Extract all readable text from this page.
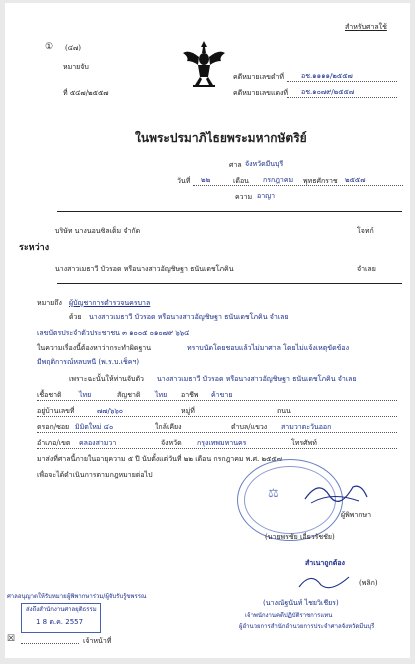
สำหรับศาลใช้
① (๔๗)
หมายจับ
ที่ ๕๔๗/๒๕๕๗
คดีหมายเลขดำที่ อช.๑๑๑๑/๒๕๕๗
คดีหมายเลขแดงที่ อช.๑๐๗๙/๒๕๕๗
ในพระปรมาภิไธยพระมหากษัตริย์
ศาล จังหวัดมีนบุรี
วันที่ ๒๒	เดือน กรกฎาคม พุทธศักราช ๒๕๕๗
ความ อาญา
บริษัท นางนอนซิลเต็ม จำกัด	โจทก์
ระหว่าง
นางสาวเมธาวี บัวรอด หรือนางสาวอัญชิษฐา ธนันเดชโภคิน	จำเลย
หมายถึง ผู้บัญชาการตำรวจนครบาล
ด้วย นางสาวเมธาวี บัวรอด หรือนางสาวอัญชิษฐา ธนันเดชโภคิน จำเลย
เลขบัตรประจำตัวประชาชน ๓ ๑๐๐๕ ๐๑๐๗๙ ๖๖๔
ในความเรื่องนี้ต้องหาว่ากระทำผิดฐาน	ทราบนัดโดยชอบแล้วไม่มาศาล โดยไม่แจ้งเหตุขัดข้อง
มีพฤติการณ์หลบหนี (พ.ร.บ.เช็คฯ)
เพราะฉะนั้นให้ท่านจับตัว นางสาวเมธาวี บัวรอด หรือนางสาวอัญชิษฐา ธนันเดชโภคิน จำเลย
เชื้อชาติ ไทย	สัญชาติ ไทย อาชีพ ค้าขาย
อยู่บ้านเลขที่	๗๗/๖๖๐	หมู่ที่	ถนน
ตรอก/ซอย มิมิตใหม่ ๔๐	ใกล้เคียง	ตำบล/แขวง สามวาตะวันออก
อำเภอ/เขต คลองสามวา	จังหวัด กรุงเทพมหานคร	โทรศัพท์
มาส่งที่ศาลนี้ภายในอายุความ ๕ ปี นับตั้งแต่วันที่ ๒๒ เดือน กรกฎาคม พ.ศ. ๒๕๕๗
เพื่อจะได้ดำเนินการตามกฎหมายต่อไป
⚖
ผู้พิพากษา
(นายพรชัย เอี่ยวรัชชัย)
สำเนาถูกต้อง
(พลิก)
(นางณัฐนันท์ ไชยวิเชียร)
เจ้าพนักงานคดีปฏิบัติราชการแทน
ผู้อำนวยการสำนักอำนวยการประจำศาลจังหวัดมีนบุรี
ศาลอนุญาตให้รับหมาย ผู้พิพากษาร่วม/ผู้จับรับรู้ขพรรณ
ส่งถึงสำนักงานศาลยุติธรรม
1 8 ต.ค. 2557
☒	เจ้าหน้าที่
